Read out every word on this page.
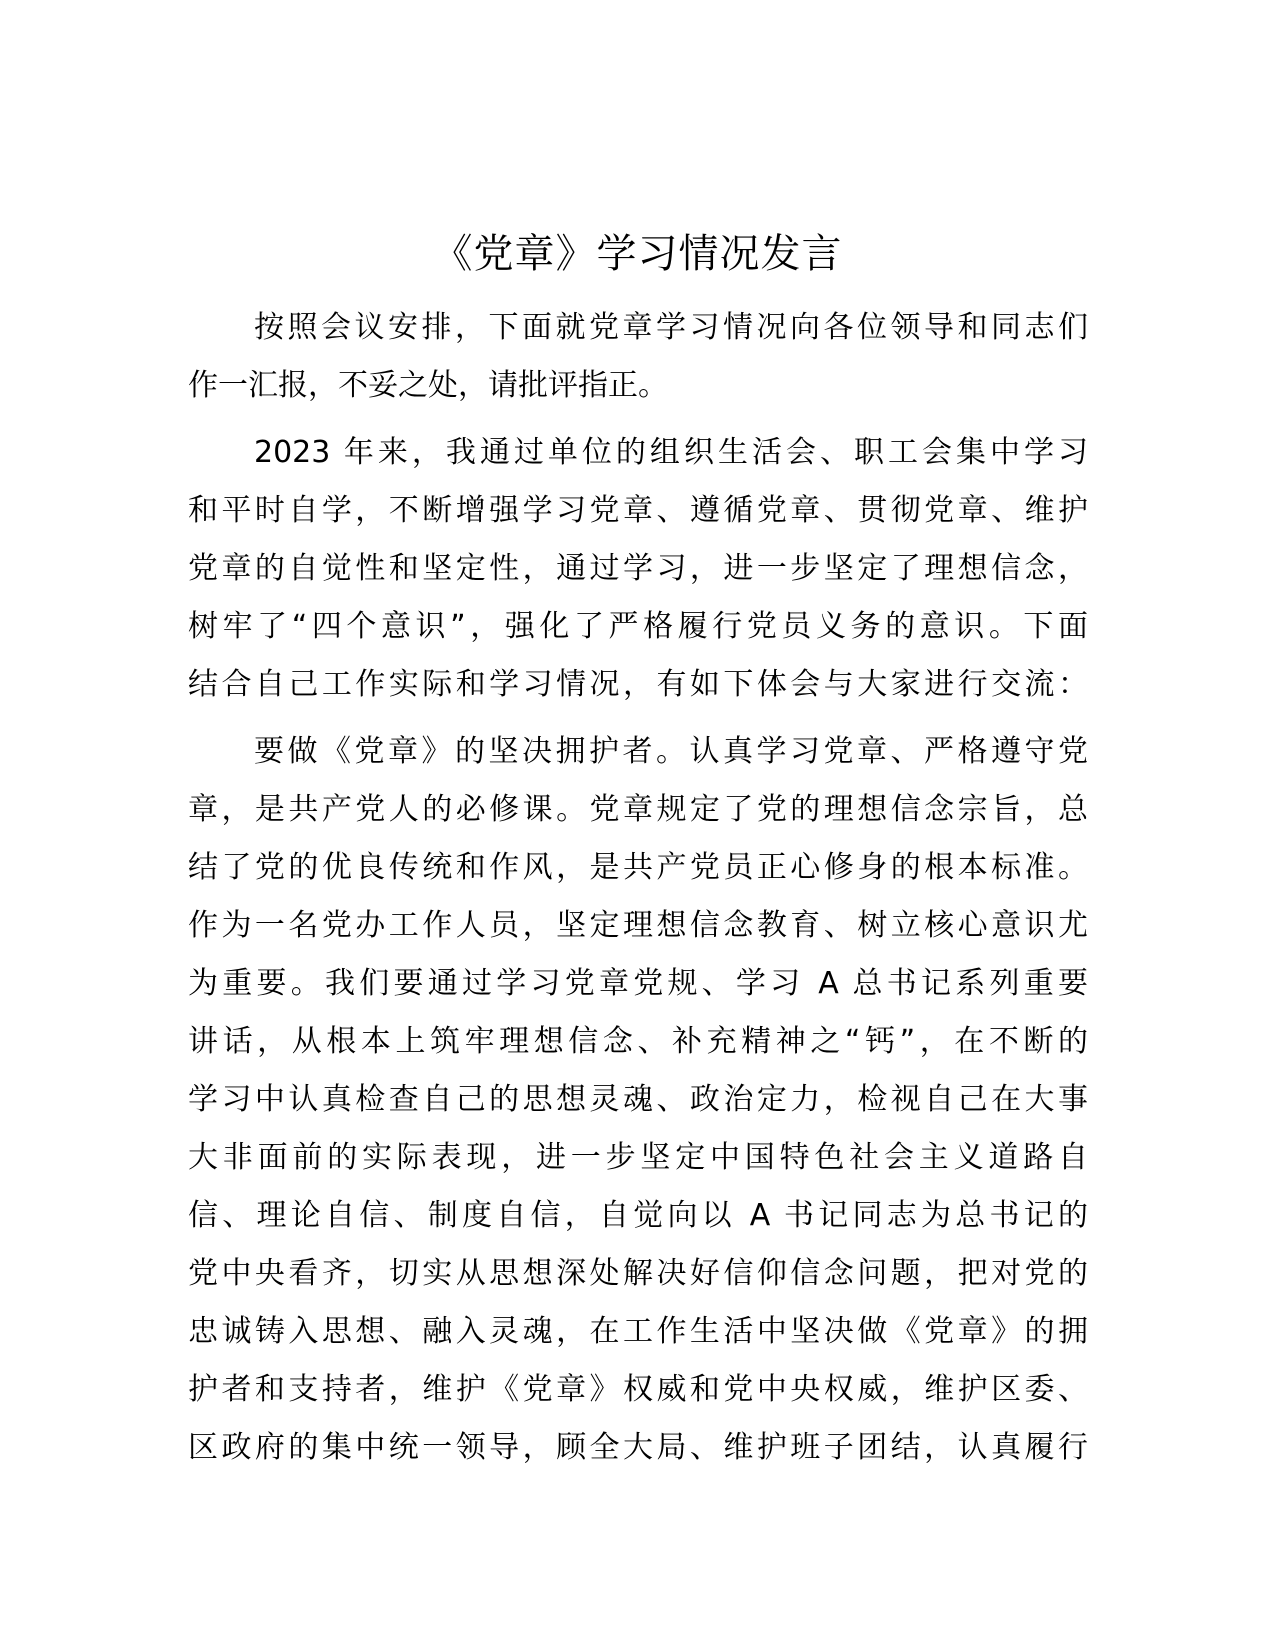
《党章》学习情况发言
按照会议安排，下面就党章学习情况向各位领导和同志们
作一汇报，不妥之处，请批评指正。
2023 年来，我通过单位的组织生活会、职工会集中学习
和平时自学，不断增强学习党章、遵循党章、贯彻党章、维护
党章的自觉性和坚定性，通过学习，进一步坚定了理想信念，
树牢了“四个意识”，强化了严格履行党员义务的意识。下面
结合自己工作实际和学习情况，有如下体会与大家进行交流：
要做《党章》的坚决拥护者。认真学习党章、严格遵守党
章，是共产党人的必修课。党章规定了党的理想信念宗旨，总
结了党的优良传统和作风，是共产党员正心修身的根本标准。
作为一名党办工作人员，坚定理想信念教育、树立核心意识尤
为重要。我们要通过学习党章党规、学习 A 总书记系列重要
讲话，从根本上筑牢理想信念、补充精神之“钙”，在不断的
学习中认真检查自己的思想灵魂、政治定力，检视自己在大事
大非面前的实际表现，进一步坚定中国特色社会主义道路自
信、理论自信、制度自信，自觉向以 A 书记同志为总书记的
党中央看齐，切实从思想深处解决好信仰信念问题，把对党的
忠诚铸入思想、融入灵魂，在工作生活中坚决做《党章》的拥
护者和支持者，维护《党章》权威和党中央权威，维护区委、
区政府的集中统一领导，顾全大局、维护班子团结，认真履行
